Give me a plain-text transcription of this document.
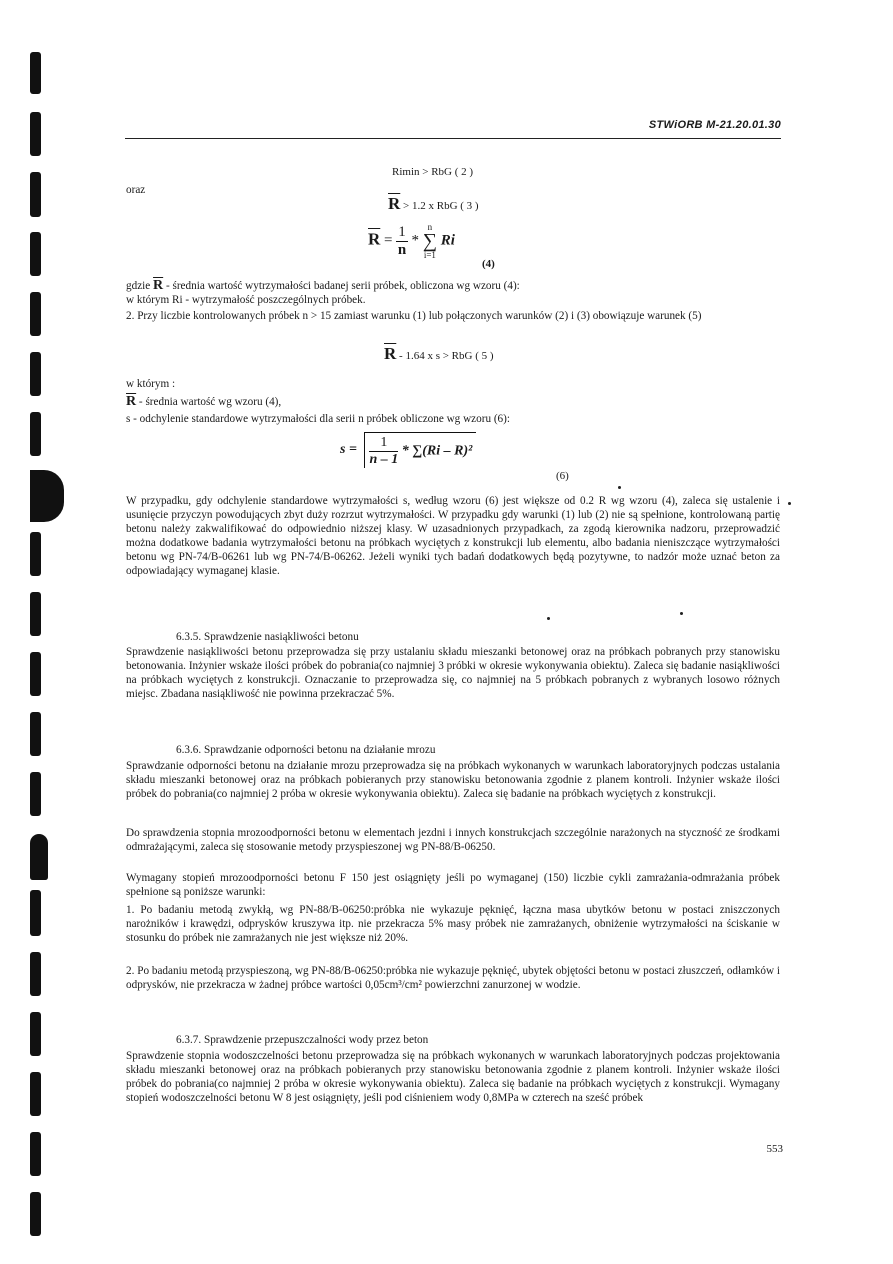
STWiORB M-21.20.01.30
Rimin > RbG ( 2 )
oraz
$\overline{R} > 1.2$ x RbG ( 3 )
$\overline{R} = \frac{1}{n}$ *
n
∑
i=1
Ri
(4)
gdzie $\overline{R}$ - średnia wartość wytrzymałości badanej serii próbek, obliczona wg wzoru (4):
w którym Ri - wytrzymałość poszczególnych próbek.
2. Przy liczbie kontrolowanych próbek n > 15 zamiast warunku (1) lub połączonych warunków (2) i (3) obowiązuje warunek (5)
$\overline{R} - 1.64$ x s > RbG ( 5 )
w którym :
$\overline{R}$ - średnia wartość wg wzoru (4),
s - odchylenie standardowe wytrzymałości dla serii n próbek obliczone wg wzoru (6):
$s = \frac{1}{n - 1} * \sum(Ri - R)^2$
(6)
W przypadku, gdy odchylenie standardowe wytrzymałości s, według wzoru (6) jest większe od 0.2 R wg wzoru (4), zaleca się ustalenie i usunięcie przyczyn powodujących zbyt duży rozrzut wytrzymałości. W przypadku gdy warunki (1) lub (2) nie są spełnione, kontrolowaną partię betonu należy zakwalifikować do odpowiednio niższej klasy. W uzasadnionych przypadkach, za zgodą kierownika nadzoru, przeprowadzić można dodatkowe badania wytrzymałości betonu na próbkach wyciętych z konstrukcji lub elementu, albo badania nieniszczące wytrzymałości betonu wg PN-74/B-06261 lub wg PN-74/B-06262. Jeżeli wyniki tych badań dodatkowych będą pozytywne, to nadzór może uznać beton za odpowiadający wymaganej klasie.
6.3.5. Sprawdzenie nasiąkliwości betonu
Sprawdzenie nasiąkliwości betonu przeprowadza się przy ustalaniu składu mieszanki betonowej oraz na próbkach pobranych przy stanowisku betonowania. Inżynier wskaże ilości próbek do pobrania(co najmniej 3 próbki w okresie wykonywania obiektu). Zaleca się badanie nasiąkliwości na próbkach wyciętych z konstrukcji. Oznaczanie to przeprowadza się, co najmniej na 5 próbkach pobranych z wybranych losowo różnych miejsc. Zbadana nasiąkliwość nie powinna przekraczać 5%.
6.3.6. Sprawdzanie odporności betonu na działanie mrozu
Sprawdzanie odporności betonu na działanie mrozu przeprowadza się na próbkach wykonanych w warunkach laboratoryjnych podczas ustalania składu mieszanki betonowej oraz na próbkach pobieranych przy stanowisku betonowania zgodnie z planem kontroli. Inżynier wskaże ilości próbek do pobrania(co najmniej 2 próba w okresie wykonywania obiektu). Zaleca się badanie na próbkach wyciętych z konstrukcji.
Do sprawdzenia stopnia mrozoodporności betonu w elementach jezdni i innych konstrukcjach szczególnie narażonych na styczność ze środkami odmrażającymi, zaleca się stosowanie metody przyspieszonej wg PN-88/B-06250.
Wymagany stopień mrozoodporności betonu F 150 jest osiągnięty jeśli po wymaganej (150) liczbie cykli zamrażania-odmrażania próbek spełnione są poniższe warunki:
1. Po badaniu metodą zwykłą, wg PN-88/B-06250:próbka nie wykazuje pęknięć, łączna masa ubytków betonu w postaci zniszczonych narożników i krawędzi, odprysków kruszywa itp. nie przekracza 5% masy próbek nie zamrażanych, obniżenie wytrzymałości na ściskanie w stosunku do próbek nie zamrażanych nie jest większe niż 20%.
2. Po badaniu metodą przyspieszoną, wg PN-88/B-06250:próbka nie wykazuje pęknięć, ubytek objętości betonu w postaci złuszczeń, odłamków i odprysków, nie przekracza w żadnej próbce wartości 0,05cm³/cm² powierzchni zanurzonej w wodzie.
6.3.7. Sprawdzenie przepuszczalności wody przez beton
Sprawdzenie stopnia wodoszczelności betonu przeprowadza się na próbkach wykonanych w warunkach laboratoryjnych podczas projektowania składu mieszanki betonowej oraz na próbkach pobieranych przy stanowisku betonowania zgodnie z planem kontroli. Inżynier wskaże ilości próbek do pobrania(co najmniej 2 próba w okresie wykonywania obiektu). Zaleca się badanie na próbkach wyciętych z konstrukcji. Wymagany stopień wodoszczelności betonu W 8 jest osiągnięty, jeśli pod ciśnieniem wody 0,8MPa w czterech na sześć próbek
553
